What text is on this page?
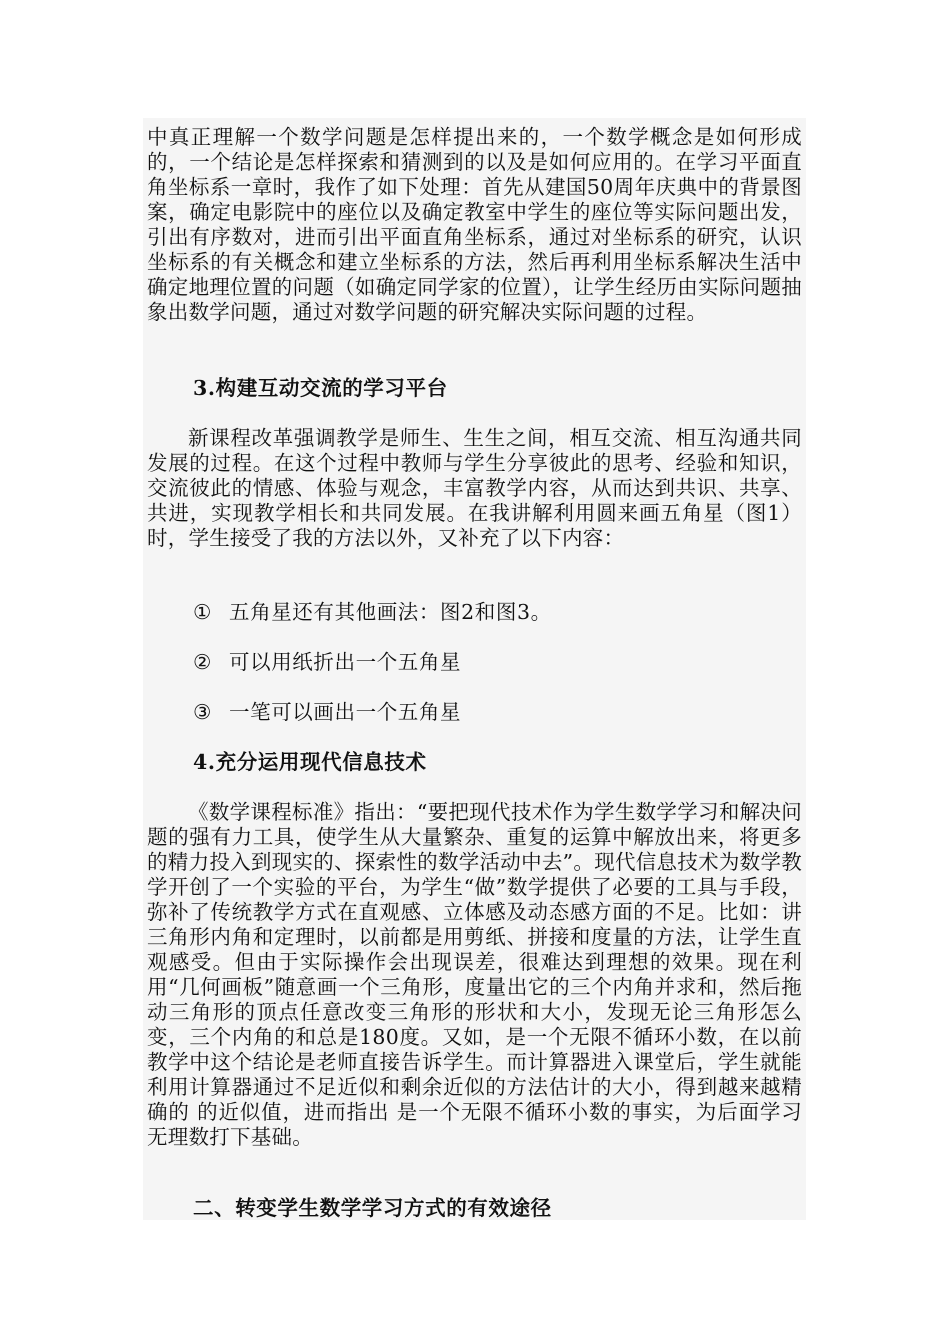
中真正理解一个数学问题是怎样提出来的，一个数学概念是如何形成的，一个结论是怎样探索和猜测到的以及是如何应用的。在学习平面直角坐标系一章时，我作了如下处理：首先从建国50周年庆典中的背景图案，确定电影院中的座位以及确定教室中学生的座位等实际问题出发，引出有序数对，进而引出平面直角坐标系，通过对坐标系的研究，认识坐标系的有关概念和建立坐标系的方法，然后再利用坐标系解决生活中确定地理位置的问题（如确定同学家的位置），让学生经历由实际问题抽象出数学问题，通过对数学问题的研究解决实际问题的过程。

3.构建互动交流的学习平台

新课程改革强调教学是师生、生生之间，相互交流、相互沟通共同发展的过程。在这个过程中教师与学生分享彼此的思考、经验和知识，交流彼此的情感、体验与观念，丰富教学内容，从而达到共识、共享、共进，实现教学相长和共同发展。在我讲解利用圆来画五角星（图1）时，学生接受了我的方法以外，又补充了以下内容：

① 五角星还有其他画法：图2和图3。
② 可以用纸折出一个五角星
③ 一笔可以画出一个五角星
4.充分运用现代信息技术

《数学课程标准》指出：“要把现代技术作为学生数学学习和解决问题的强有力工具，使学生从大量繁杂、重复的运算中解放出来，将更多的精力投入到现实的、探索性的数学活动中去”。现代信息技术为数学教学开创了一个实验的平台，为学生“做”数学提供了必要的工具与手段，弥补了传统教学方式在直观感、立体感及动态感方面的不足。比如：讲三角形内角和定理时，以前都是用剪纸、拼接和度量的方法，让学生直观感受。但由于实际操作会出现误差，很难达到理想的效果。现在利用“几何画板”随意画一个三角形，度量出它的三个内角并求和，然后拖动三角形的顶点任意改变三角形的形状和大小，发现无论三角形怎么变，三个内角的和总是180度。又如，是一个无限不循环小数，在以前教学中这个结论是老师直接告诉学生。而计算器进入课堂后，学生就能利用计算器通过不足近似和剩余近似的方法估计的大小，得到越来越精确的 的近似值，进而指出 是一个无限不循环小数的事实，为后面学习无理数打下基础。

二、转变学生数学学习方式的有效途径
